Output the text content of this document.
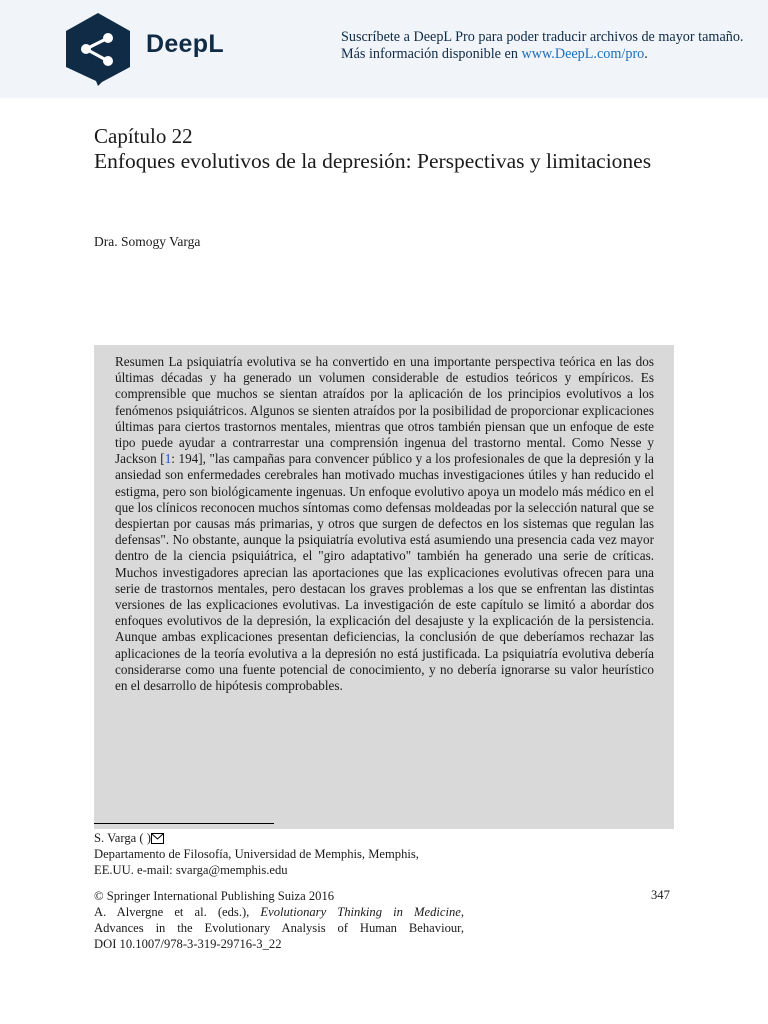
DeepL	Suscríbete a DeepL Pro para poder traducir archivos de mayor tamaño.
Más información disponible en www.DeepL.com/pro.
Capítulo 22
Enfoques evolutivos de la depresión: Perspectivas y limitaciones
Dra. Somogy Varga
Resumen La psiquiatría evolutiva se ha convertido en una importante perspectiva teórica en las dos últimas décadas y ha generado un volumen considerable de estudios teóricos y empíricos. Es comprensible que muchos se sientan atraídos por la aplicación de los principios evolutivos a los fenómenos psiquiátricos. Algunos se sienten atraídos por la posibilidad de proporcionar explicaciones últimas para ciertos trastornos mentales, mientras que otros también piensan que un enfoque de este tipo puede ayudar a contrarrestar una comprensión ingenua del trastorno mental. Como Nesse y Jackson [1: 194], "las campañas para convencer público y a los profesionales de que la depresión y la ansiedad son enfermedades cerebrales han motivado muchas investigaciones útiles y han reducido el estigma, pero son biológicamente ingenuas. Un enfoque evolutivo apoya un modelo más médico en el que los clínicos reconocen muchos síntomas como defensas moldeadas por la selección natural que se despiertan por causas más primarias, y otros que surgen de defectos en los sistemas que regulan las defensas". No obstante, aunque la psiquiatría evolutiva está asumiendo una presencia cada vez mayor dentro de la ciencia psiquiátrica, el "giro adaptativo" también ha generado una serie de críticas. Muchos investigadores aprecian las aportaciones que las explicaciones evolutivas ofrecen para una serie de trastornos mentales, pero destacan los graves problemas a los que se enfrentan las distintas versiones de las explicaciones evolutivas. La investigación de este capítulo se limitó a abordar dos enfoques evolutivos de la depresión, la explicación del desajuste y la explicación de la persistencia. Aunque ambas explicaciones presentan deficiencias, la conclusión de que deberíamos rechazar las aplicaciones de la teoría evolutiva a la depresión no está justificada. La psiquiatría evolutiva debería considerarse como una fuente potencial de conocimiento, y no debería ignorarse su valor heurístico en el desarrollo de hipótesis comprobables.
S. Varga ( )
Departamento de Filosofía, Universidad de Memphis, Memphis,
EE.UU. e-mail: svarga@memphis.edu
© Springer International Publishing Suiza 2016	347
A. Alvergne et al. (eds.), Evolutionary Thinking in Medicine,
Advances in the Evolutionary Analysis of Human Behaviour,
DOI 10.1007/978-3-319-29716-3_22
